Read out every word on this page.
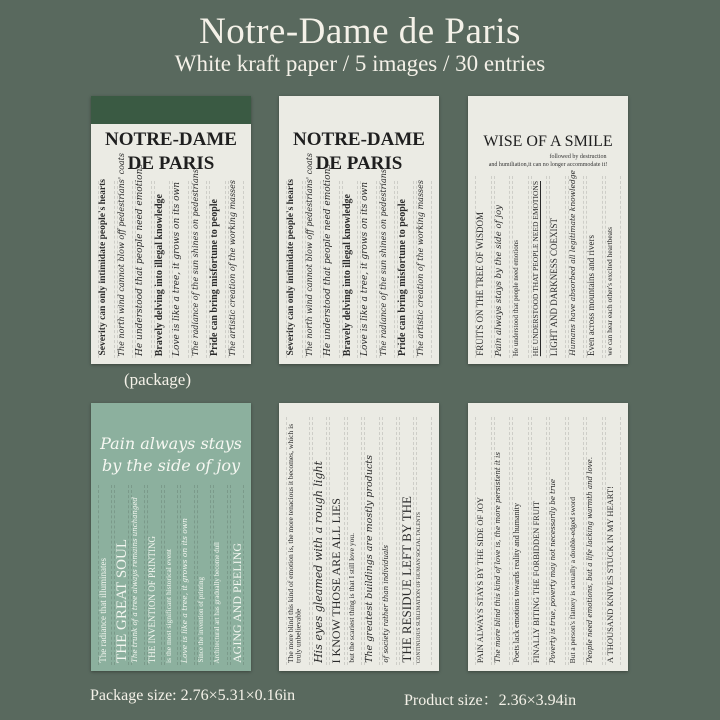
Notre-Dame de Paris
White kraft paper / 5 images / 30 entries
NOTRE-DAME
DE PARIS
Severity can only intimidate people's hearts The north wind cannot blow off pedestrians' coats He understood that people need emotions Bravely delving into illegal knowledge Love is like a tree, it grows on its own The radiance of the sun shines on pedestrians Pride can bring misfortune to people The artistic creation of the working masses
(package)
NOTRE-DAME
DE PARIS
Severity can only intimidate people's hearts The north wind cannot blow off pedestrians' coats He understood that people need emotions Bravely delving into illegal knowledge Love is like a tree, it grows on its own The radiance of the sun shines on pedestrians Pride can bring misfortune to people The artistic creation of the working masses
WISE OF A SMILE
followed by destruction
and humiliation,it can no longer accommodate it!
FRUITS ON THE TREE OF WISDOM Pain always stays by the side of joy He understood that people need emotions HE UNDERSTOOD THAT PEOPLE NEED EMOTIONS LIGHT AND DARKNESS COEXIST Humans have absorbed all legitimate knowledge Even across mountains and rivers we can hear each other's excited heartbeats
Pain always stays
by the side of joy
The radiance that illuminates THE GREAT SOUL The trunk of a tree always remains unchanged THE INVENTION OF PRINTING is the most significant historical event Love is like a tree, it grows on its own Since the invention of printing Architectural art has gradually become dull AGING AND PEELING	The more blind this kind of emotion is, the more tenacious it becomes, which is truly unbelievable His eyes gleamed with a rough light I KNOW THOSE ARE ALL LIES but the scariest thing is that I still love you. The greatest buildings are mostly products of society rather than individuals THE RESIDUE LEFT BY THE CONTINUOUS SUBLIMATION OF HUMAN SOCIAL TALENTS	PAIN ALWAYS STAYS BY THE SIDE OF JOY The more blind this kind of love is, the more persistent it is Poets lack emotions towards reality and humanity FINALLY BITING THE FORBIDDEN FRUIT Poverty is true, poverty may not necessarily be true But a person's flattery is actually a double-edged sword People need emotions, but a life lacking warmth and love. A THOUSAND KNIVES STUCK IN MY HEART!
Package size: 2.76×5.31×0.16in	Product size：2.36×3.94in
